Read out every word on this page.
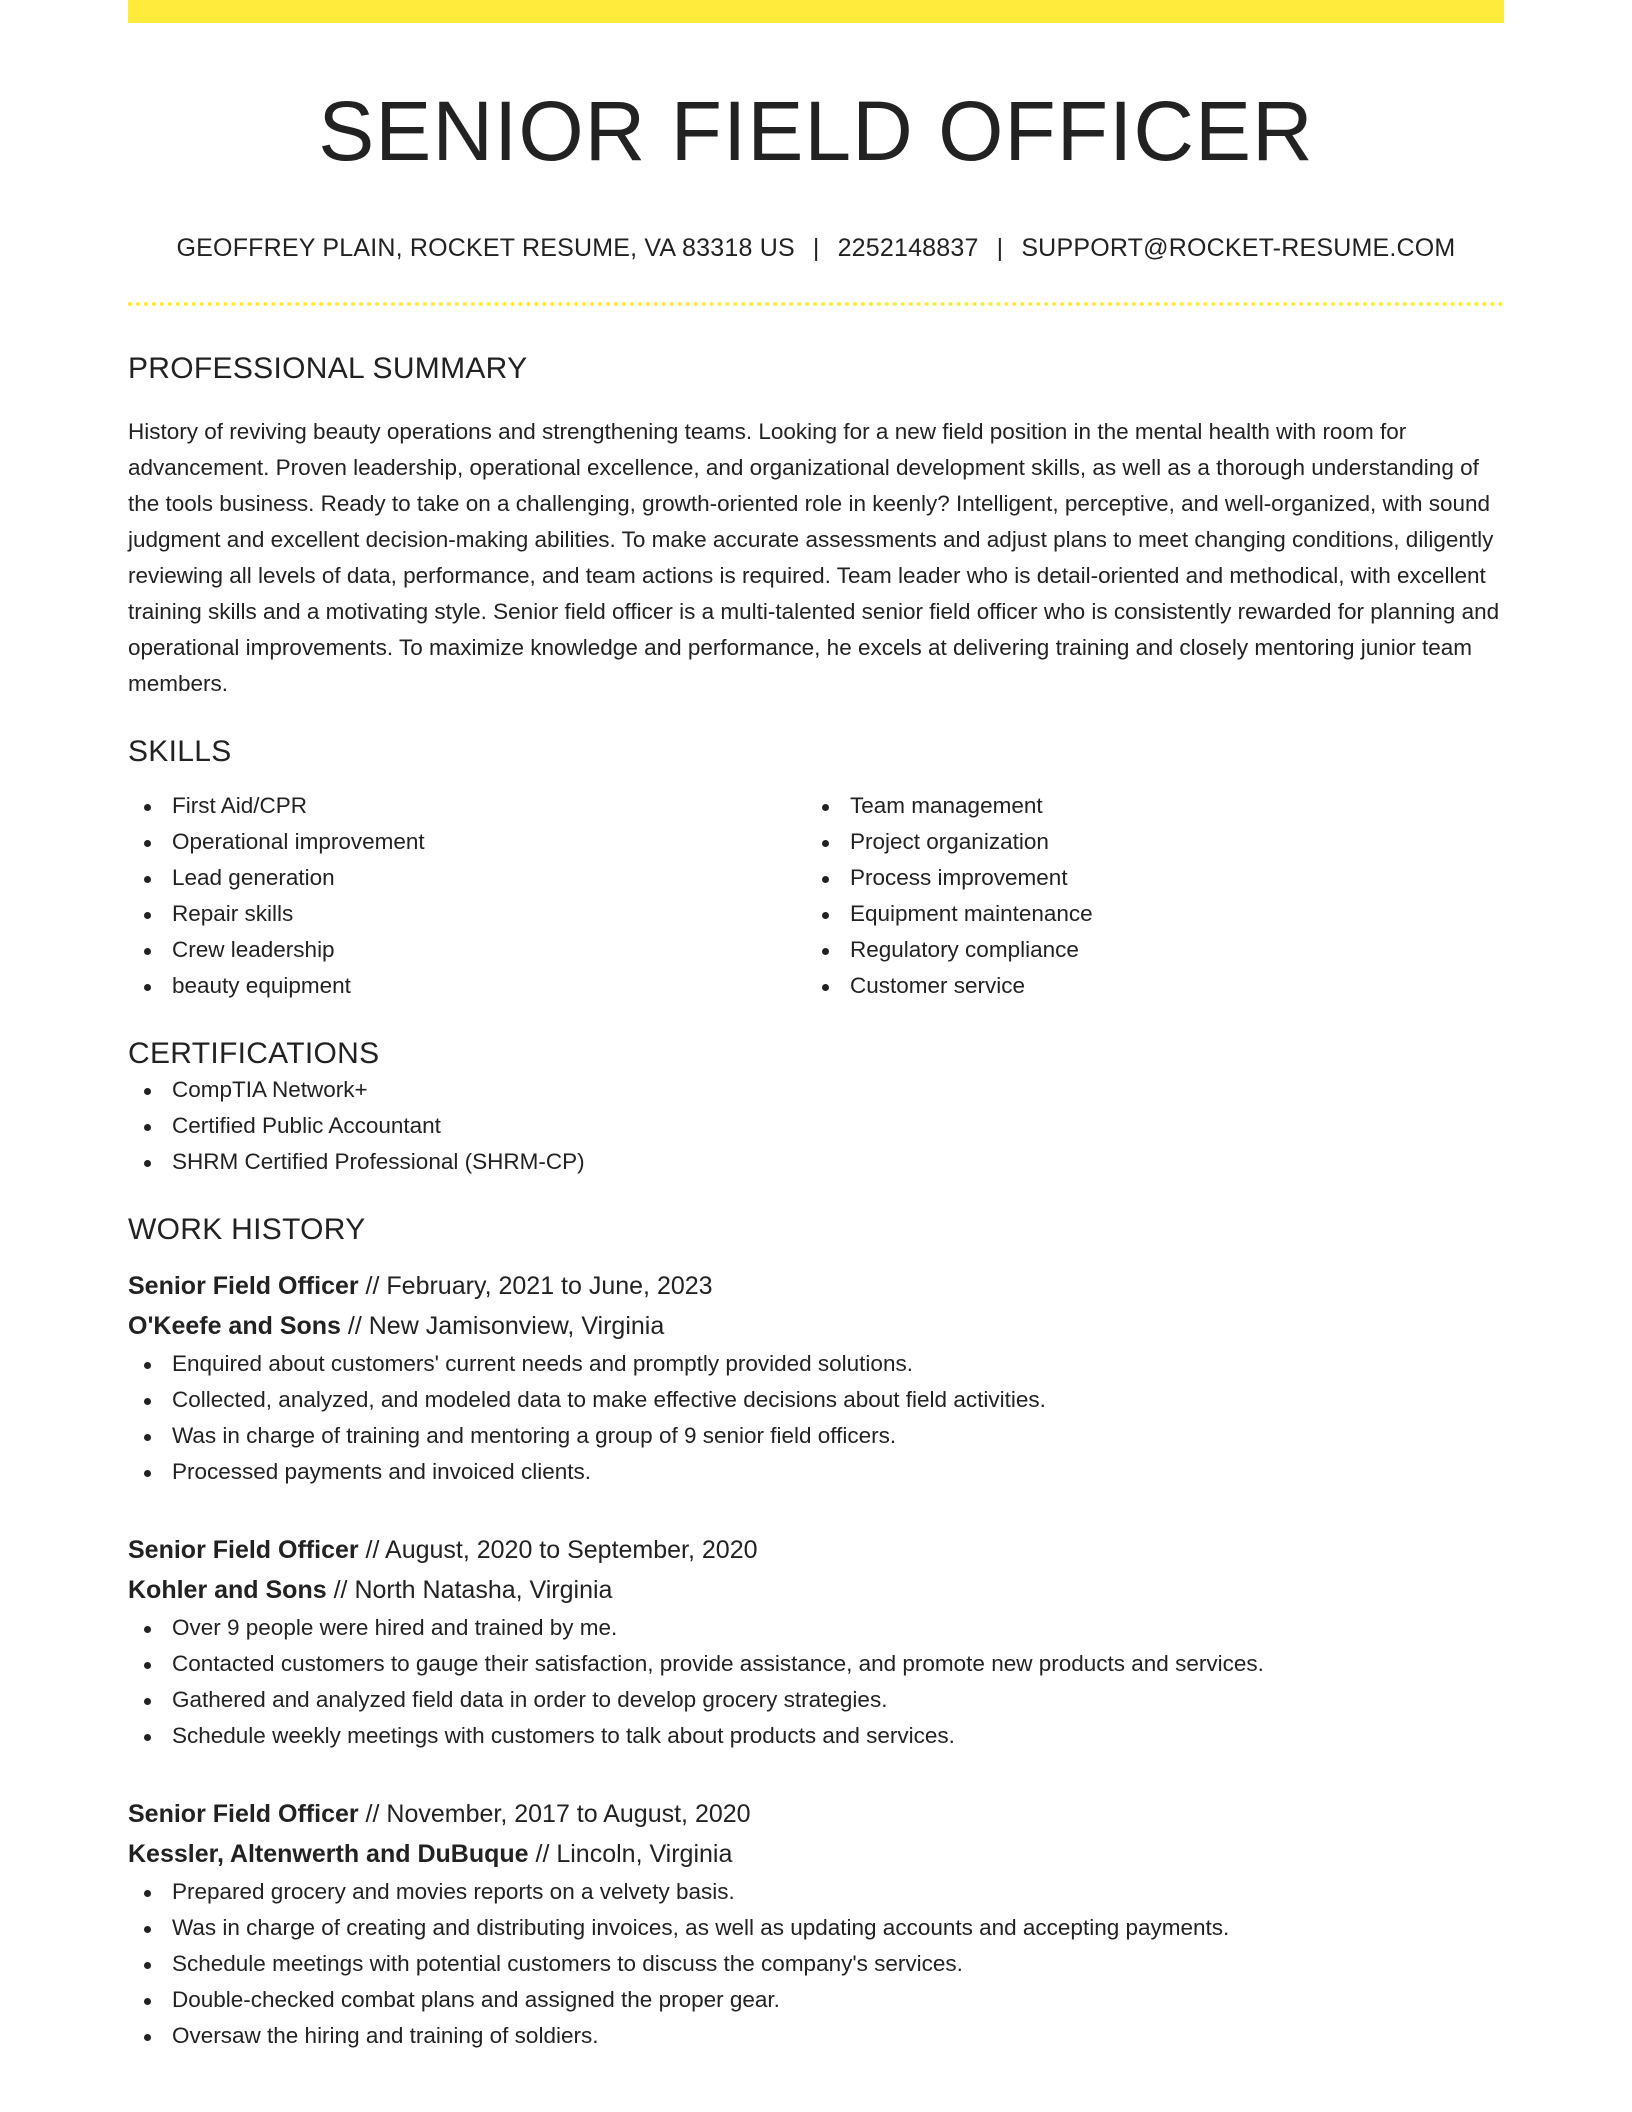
SENIOR FIELD OFFICER
GEOFFREY PLAIN, ROCKET RESUME, VA 83318 US | 2252148837 | SUPPORT@ROCKET-RESUME.COM
PROFESSIONAL SUMMARY

History of reviving beauty operations and strengthening teams. Looking for a new field position in the mental health with room for advancement. Proven leadership, operational excellence, and organizational development skills, as well as a thorough understanding of the tools business. Ready to take on a challenging, growth-oriented role in keenly? Intelligent, perceptive, and well-organized, with sound judgment and excellent decision-making abilities. To make accurate assessments and adjust plans to meet changing conditions, diligently reviewing all levels of data, performance, and team actions is required. Team leader who is detail-oriented and methodical, with excellent training skills and a motivating style. Senior field officer is a multi-talented senior field officer who is consistently rewarded for planning and operational improvements. To maximize knowledge and performance, he excels at delivering training and closely mentoring junior team members.

SKILLS
First Aid/CPR
Operational improvement
Lead generation
Repair skills
Crew leadership
beauty equipment
Team management
Project organization
Process improvement
Equipment maintenance
Regulatory compliance
Customer service
CERTIFICATIONS
CompTIA Network+
Certified Public Accountant
SHRM Certified Professional (SHRM-CP)
WORK HISTORY
Senior Field Officer // February, 2021 to June, 2023
O'Keefe and Sons // New Jamisonview, Virginia
Enquired about customers' current needs and promptly provided solutions.
Collected, analyzed, and modeled data to make effective decisions about field activities.
Was in charge of training and mentoring a group of 9 senior field officers.
Processed payments and invoiced clients.
Senior Field Officer // August, 2020 to September, 2020
Kohler and Sons // North Natasha, Virginia
Over 9 people were hired and trained by me.
Contacted customers to gauge their satisfaction, provide assistance, and promote new products and services.
Gathered and analyzed field data in order to develop grocery strategies.
Schedule weekly meetings with customers to talk about products and services.
Senior Field Officer // November, 2017 to August, 2020
Kessler, Altenwerth and DuBuque // Lincoln, Virginia
Prepared grocery and movies reports on a velvety basis.
Was in charge of creating and distributing invoices, as well as updating accounts and accepting payments.
Schedule meetings with potential customers to discuss the company's services.
Double-checked combat plans and assigned the proper gear.
Oversaw the hiring and training of soldiers.
